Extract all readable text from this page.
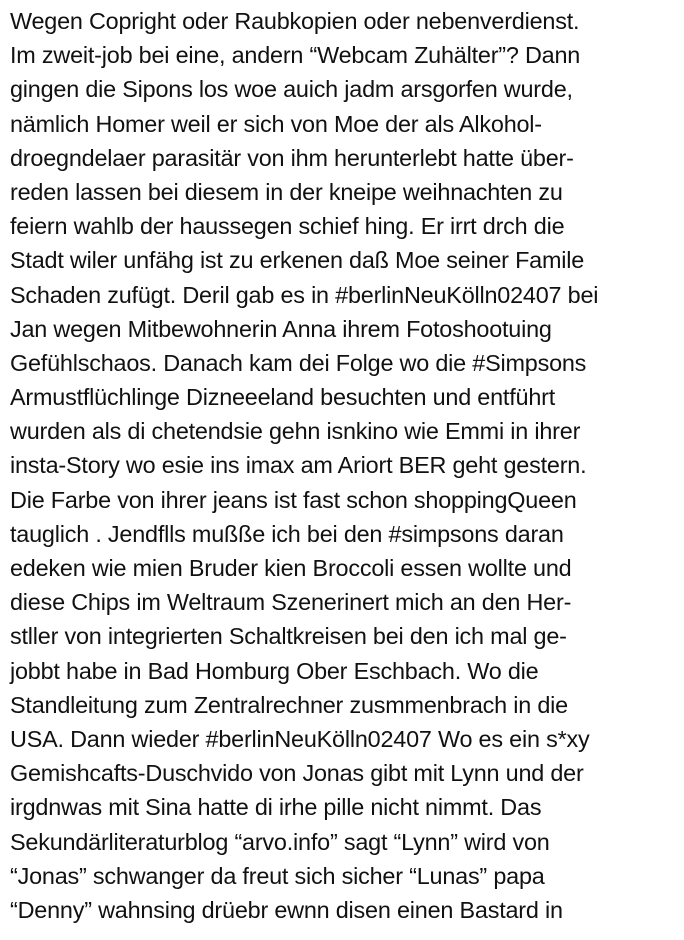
Wegen Copright oder Raubkopien oder nebenverdienst.
Im zweit-job bei eine, andern “Webcam Zuhälter”? Dann
gingen die Sipons los woe auich jadm arsgorfen wurde,
nämlich Homer weil er sich von Moe der als Alkohol-
droegndelaer parasitär von ihm herunterlebt hatte über-
reden lassen bei diesem in der kneipe weihnachten zu
feiern wahlb der haussegen schief hing. Er irrt drch die
Stadt wiler unfähg ist zu erkenen daß Moe seiner Famile
Schaden zufügt. Deril gab es in #berlinNeuKölln02407 bei
Jan wegen Mitbewohnerin Anna ihrem Fotoshootuing
Gefühlschaos. Danach kam dei Folge wo die #Simpsons
Armustflüchlinge Dizneeeland besuchten und entführt
wurden als di chetendsie gehn isnkino wie Emmi in ihrer
insta-Story wo esie ins imax am Ariort BER geht gestern.
Die Farbe von ihrer jeans ist fast schon shoppingQueen
tauglich . Jendflls mußße ich bei den #simpsons daran
edeken wie mien Bruder kien Broccoli essen wollte und
diese Chips im Weltraum Szenerinert mich an den Her-
stller von integrierten Schaltkreisen bei den ich mal ge-
jobbt habe in Bad Homburg Ober Eschbach. Wo die
Standleitung zum Zentralrechner zusmmenbrach in die
USA. Dann wieder #berlinNeuKölln02407 Wo es ein s*xy
Gemishcafts-Duschvido von Jonas gibt mit Lynn und der
irgdnwas mit Sina hatte di irhe pille nicht nimmt. Das
Sekundärliteraturblog “arvo.info” sagt “Lynn” wird von
“Jonas” schwanger da freut sich sicher “Lunas” papa
“Denny” wahnsing drüebr ewnn disen einen Bastard in
